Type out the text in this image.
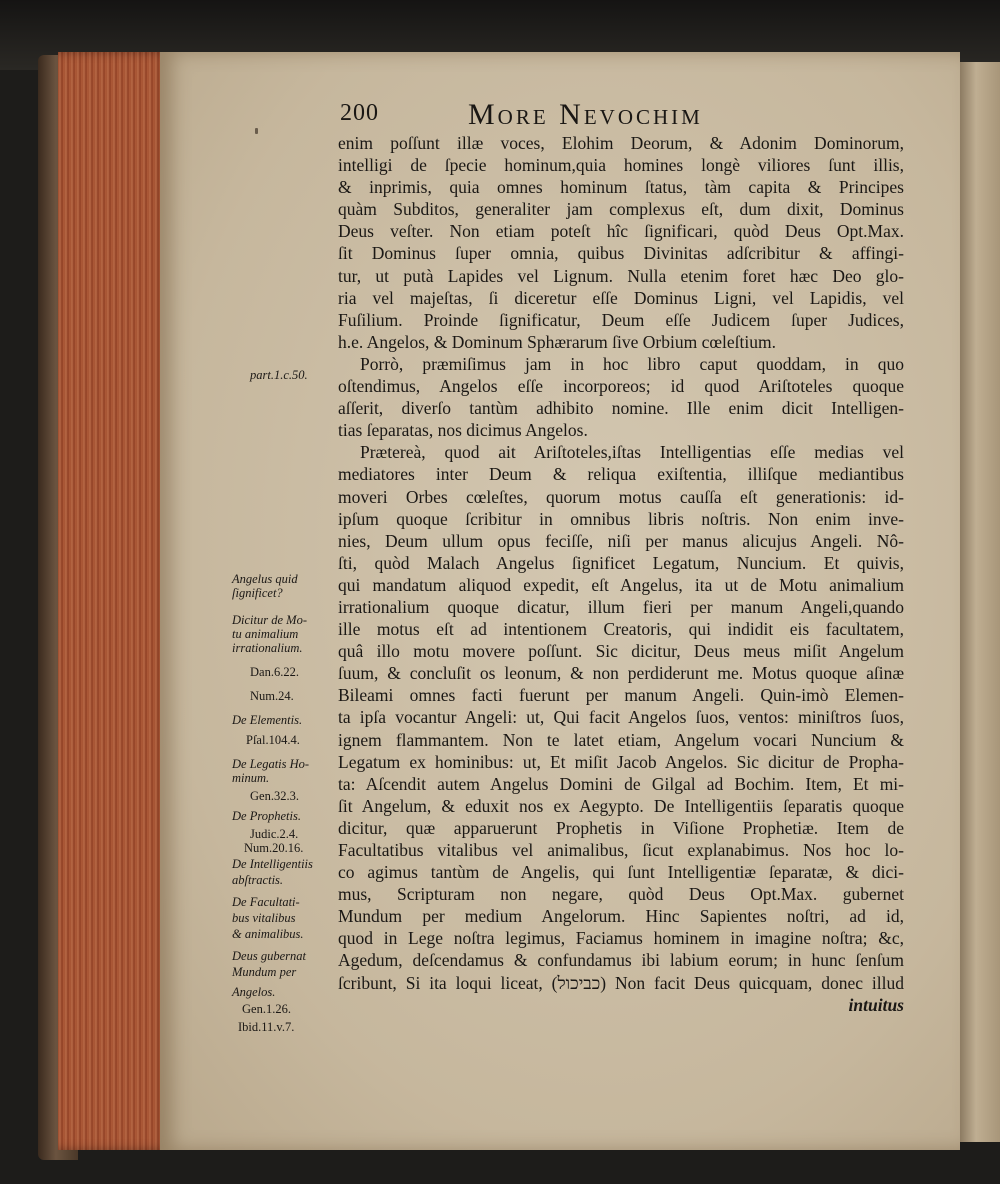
200	More Nevochim
enim poſſunt illæ voces, Elohim Deorum, & Adonim Dominorum,
intelligi de ſpecie hominum,quia homines longè viliores ſunt illis,
& inprimis, quia omnes hominum ſtatus, tàm capita & Principes
quàm Subditos, generaliter jam complexus eſt, dum dixit, Dominus
Deus veſter. Non etiam poteſt hîc ſignificari, quòd Deus Opt.Max.
ſit Dominus ſuper omnia, quibus Divinitas adſcribitur & affingi-
tur, ut putà Lapides vel Lignum. Nulla etenim foret hæc Deo glo-
ria vel majeſtas, ſi diceretur eſſe Dominus Ligni, vel Lapidis, vel
Fuſilium. Proinde ſignificatur, Deum eſſe Judicem ſuper Judices,
h.e. Angelos, & Dominum Sphærarum ſive Orbium cœleſtium.
Porrò, præmiſimus jam in hoc libro caput quoddam, in quo
oſtendimus, Angelos eſſe incorporeos; id quod Ariſtoteles quoque
aſſerit, diverſo tantùm adhibito nomine. Ille enim dicit Intelligen-
tias ſeparatas, nos dicimus Angelos.
Prætereà, quod ait Ariſtoteles,iſtas Intelligentias eſſe medias vel
mediatores inter Deum & reliqua exiſtentia, illiſque mediantibus
moveri Orbes cœleſtes, quorum motus cauſſa eſt generationis: id-
ipſum quoque ſcribitur in omnibus libris noſtris. Non enim inve-
nies, Deum ullum opus feciſſe, niſi per manus alicujus Angeli. Nô-
ſti, quòd Malach Angelus ſignificet Legatum, Nuncium. Et quivis,
qui mandatum aliquod expedit, eſt Angelus, ita ut de Motu animalium
irrationalium quoque dicatur, illum fieri per manum Angeli,quando
ille motus eſt ad intentionem Creatoris, qui indidit eis facultatem,
quâ illo motu movere poſſunt. Sic dicitur, Deus meus miſit Angelum
ſuum, & concluſit os leonum, & non perdiderunt me. Motus quoque aſinæ
Bileami omnes facti fuerunt per manum Angeli. Quin-imò Elemen-
ta ipſa vocantur Angeli: ut, Qui facit Angelos ſuos, ventos: miniſtros ſuos,
ignem flammantem. Non te latet etiam, Angelum vocari Nuncium &
Legatum ex hominibus: ut, Et miſit Jacob Angelos. Sic dicitur de Propha-
ta: Aſcendit autem Angelus Domini de Gilgal ad Bochim. Item, Et mi-
ſit Angelum, & eduxit nos ex Aegypto. De Intelligentiis ſeparatis quoque
dicitur, quæ apparuerunt Prophetis in Viſione Prophetiæ. Item de
Facultatibus vitalibus vel animalibus, ſicut explanabimus. Nos hoc lo-
co agimus tantùm de Angelis, qui ſunt Intelligentiæ ſeparatæ, & dici-
mus, Scripturam non negare, quòd Deus Opt.Max. gubernet
Mundum per medium Angelorum. Hinc Sapientes noſtri, ad id,
quod in Lege noſtra legimus, Faciamus hominem in imagine noſtra; &c,
Agedum, deſcendamus & confundamus ibi labium eorum; in hunc ſenſum
ſcribunt, Si ita loqui liceat, (כביכול) Non facit Deus quicquam, donec illud
intuitus
part.1.c.50.
Angelus quid
ſignificet?
Dicitur de Mo-
tu animalium
irrationalium.
Dan.6.22.
Num.24.
De Elementis.
Pſal.104.4.
De Legatis Ho-
minum.
Gen.32.3.
De Prophetis.
Judic.2.4.
Num.20.16.
De Intelligentiis
abſtractis.
De Facultati-
bus vitalibus
& animalibus.
Deus gubernat
Mundum per
Angelos.
Gen.1.26.
Ibid.11.v.7.
